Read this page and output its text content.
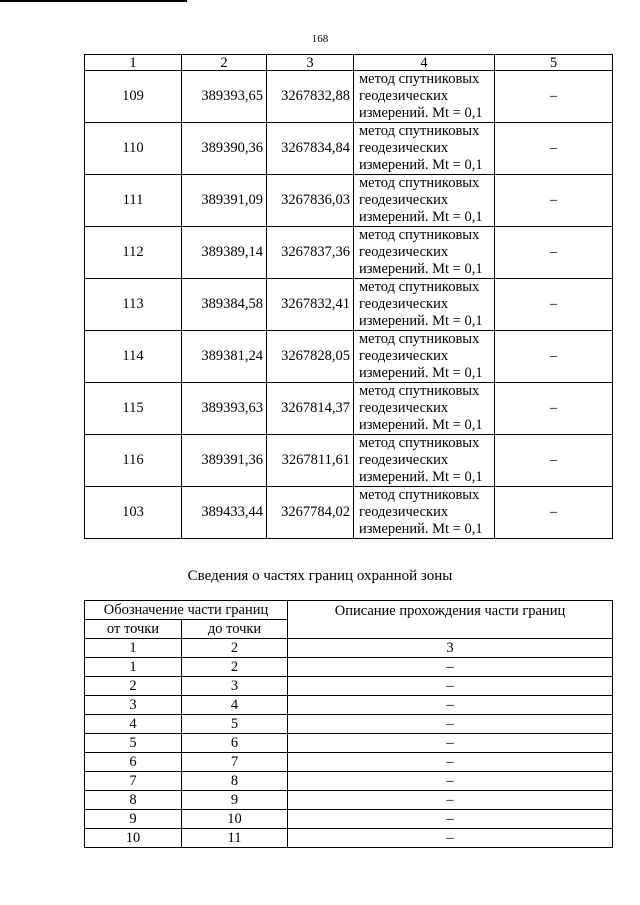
168
1	2	3	4	5
109	389393,65	3267832,88	метод спутниковых
геодезических
измерений. Mt = 0,1	–
110	389390,36	3267834,84	метод спутниковых
геодезических
измерений. Mt = 0,1	–
111	389391,09	3267836,03	метод спутниковых
геодезических
измерений. Mt = 0,1	–
112	389389,14	3267837,36	метод спутниковых
геодезических
измерений. Mt = 0,1	–
113	389384,58	3267832,41	метод спутниковых
геодезических
измерений. Mt = 0,1	–
114	389381,24	3267828,05	метод спутниковых
геодезических
измерений. Mt = 0,1	–
115	389393,63	3267814,37	метод спутниковых
геодезических
измерений. Mt = 0,1	–
116	389391,36	3267811,61	метод спутниковых
геодезических
измерений. Mt = 0,1	–
103	389433,44	3267784,02	метод спутниковых
геодезических
измерений. Mt = 0,1	–
Сведения о частях границ охранной зоны
Обозначение части границ		Описание прохождения части границ
от точки	до точки	
1	2	3
1	2	–
2	3	–
3	4	–
4	5	–
5	6	–
6	7	–
7	8	–
8	9	–
9	10	–
10	11	–
